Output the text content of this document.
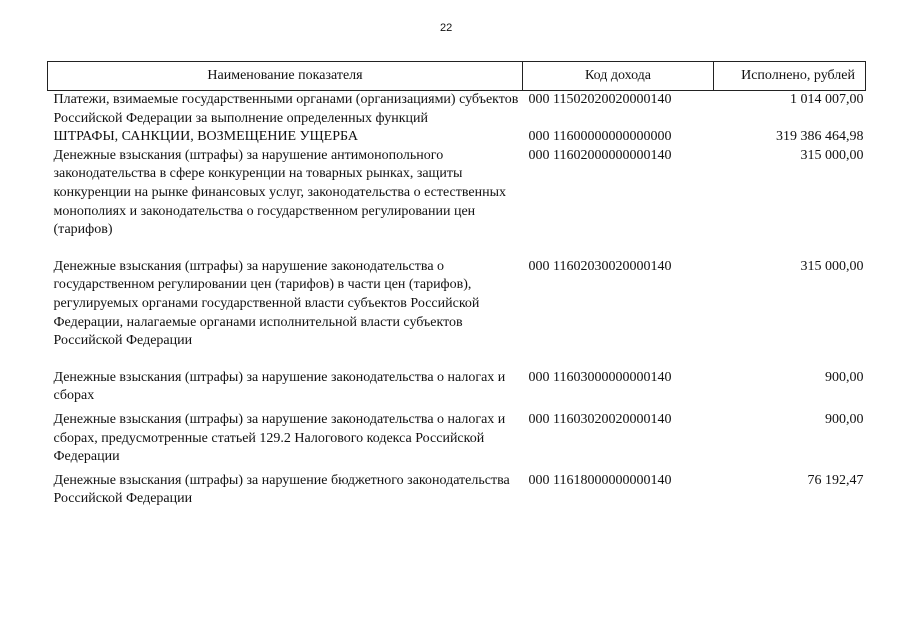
22
Наименование показателя	Код дохода	Исполнено, рублей
Платежи, взимаемые государственными органами (организациями) субъектов Российской Федерации за выполнение определенных функций	000 11502020020000140	1 014 007,00
ШТРАФЫ, САНКЦИИ, ВОЗМЕЩЕНИЕ УЩЕРБА	000 11600000000000000	319 386 464,98
Денежные взыскания (штрафы) за нарушение антимонопольного законодательства в сфере конкуренции на товарных рынках, защиты конкуренции на рынке финансовых услуг, законодательства о естественных монополиях и законодательства о государственном регулировании цен (тарифов)	000 11602000000000140	315 000,00
Денежные взыскания (штрафы) за нарушение законодательства о государственном регулировании цен (тарифов) в части цен (тарифов), регулируемых органами государственной власти субъектов Российской Федерации, налагаемые органами исполнительной власти субъектов Российской Федерации	000 11602030020000140	315 000,00
Денежные взыскания (штрафы) за нарушение законодательства о налогах и сборах	000 11603000000000140	900,00
Денежные взыскания (штрафы) за нарушение законодательства о налогах и сборах, предусмотренные статьей 129.2 Налогового кодекса Российской Федерации	000 11603020020000140	900,00
Денежные взыскания (штрафы) за нарушение бюджетного законодательства Российской Федерации	000 11618000000000140	76 192,47
